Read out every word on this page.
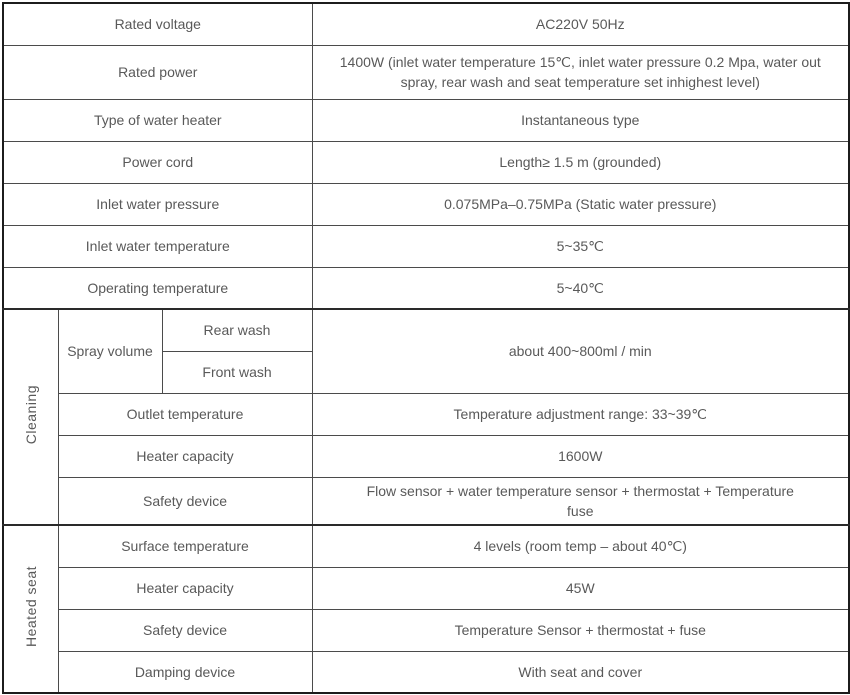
Rated voltage			AC220V 50Hz
Rated power			1400W (inlet water temperature 15℃, inlet water pressure 0.2 Mpa, water out spray, rear wash and seat temperature set inhighest level)
Type of water heater			Instantaneous type
Power cord			Length≥ 1.5 m (grounded)
Inlet water pressure			0.075MPa–0.75MPa (Static water pressure)
Inlet water temperature			5~35℃
Operating temperature			5~40℃
Cleaning	Spray volume	Rear wash	about 400~800ml / min
		Front wash	
	Outlet temperature		Temperature adjustment range: 33~39℃
	Heater capacity		1600W
	Safety device		Flow sensor + water temperature sensor + thermostat + Temperature fuse
Heated seat	Surface temperature		4 levels (room temp – about 40℃)
	Heater capacity		45W
	Safety device		Temperature Sensor + thermostat + fuse
	Damping device		With seat and cover
